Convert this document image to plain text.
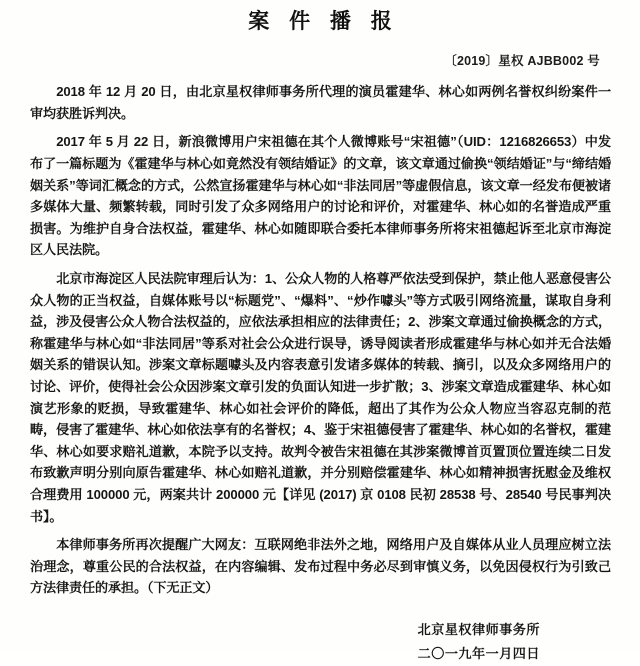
案 件 播 报
〔2019〕星权 AJBB002 号

2018 年 12 月 20 日，由北京星权律师事务所代理的演员霍建华、林心如两例名誉权纠纷案件一审均获胜诉判决。

2017 年 5 月 22 日，新浪微博用户宋祖德在其个人微博账号“宋祖德”（UID：1216826653）中发布了一篇标题为《霍建华与林心如竟然没有领结婚证》的文章，该文章通过偷换“领结婚证”与“缔结婚姻关系”等词汇概念的方式，公然宣扬霍建华与林心如“非法同居”等虚假信息，该文章一经发布便被诸多媒体大量、频繁转载，同时引发了众多网络用户的讨论和评价，对霍建华、林心如的名誉造成严重损害。为维护自身合法权益，霍建华、林心如随即联合委托本律师事务所将宋祖德起诉至北京市海淀区人民法院。

北京市海淀区人民法院审理后认为：1、公众人物的人格尊严依法受到保护，禁止他人恶意侵害公众人物的正当权益，自媒体账号以“标题党”、“爆料”、“炒作噱头”等方式吸引网络流量，谋取自身利益，涉及侵害公众人物合法权益的，应依法承担相应的法律责任；2、涉案文章通过偷换概念的方式，称霍建华与林心如“非法同居”等系对社会公众进行误导，诱导阅读者形成霍建华与林心如并无合法婚姻关系的错误认知。涉案文章标题噱头及内容表意引发诸多媒体的转载、摘引，以及众多网络用户的讨论、评价，使得社会公众因涉案文章引发的负面认知进一步扩散；3、涉案文章造成霍建华、林心如演艺形象的贬损，导致霍建华、林心如社会评价的降低，超出了其作为公众人物应当容忍克制的范畴，侵害了霍建华、林心如依法享有的名誉权；4、鉴于宋祖德侵害了霍建华、林心如的名誉权，霍建华、林心如要求赔礼道歉，本院予以支持。故判令被告宋祖德在其涉案微博首页置顶位置连续二日发布致歉声明分别向原告霍建华、林心如赔礼道歉，并分别赔偿霍建华、林心如精神损害抚慰金及维权合理费用 100000 元，两案共计 200000 元【详见 (2017) 京 0108 民初 28538 号、28540 号民事判决书】。

本律师事务所再次提醒广大网友：互联网绝非法外之地，网络用户及自媒体从业人员理应树立法治理念，尊重公民的合法权益，在内容编辑、发布过程中务必尽到审慎义务，以免因侵权行为引致己方法律责任的承担。（下无正文）

北京星权律师事务所
二〇一九年一月四日
